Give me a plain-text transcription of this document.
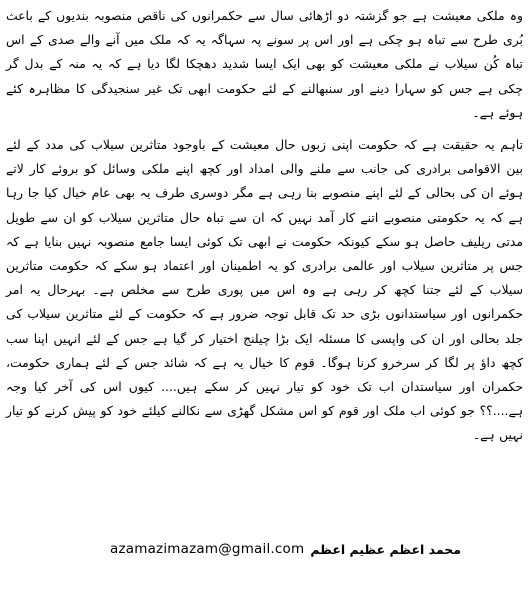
وہ ملکی معیشت ہے جو گزشتہ دو اڑھائی سال سے حکمرانوں کی ناقص منصوبہ بندیوں کے باعث بُری طرح سے تباہ ہو چکی ہے اور اس پر سونے پہ سہاگہ یہ کہ ملک میں آنے والے صدی کے اس تباہ کُن سیلاب نے ملکی معیشت کو بھی ایک ایسا شدید دھچکا لگا دیا ہے کہ یہ منہ کے بدل گر چکی ہے جس کو سہارا دینے اور سنبھالنے کے لئے حکومت ابھی تک غیر سنجیدگی کا مظاہرہ کئے ہوئے ہے۔

تاہم یہ حقیقت ہے کہ حکومت اپنی زبوں حال معیشت کے باوجود متاثرین سیلاب کی مدد کے لئے بین الاقوامی برادری کی جانب سے ملنے والی امداد اور کچھ اپنے ملکی وسائل کو بروئے کار لاتے ہوئے ان کی بحالی کے لئے اپنے منصوبے بنا رہی ہے مگر دوسری طرف یہ بھی عام خیال کیا جا رہا ہے کہ یہ حکومتی منصوبے اتنے کار آمد نہیں کہ ان سے تباہ حال متاثرین سیلاب کو ان سے طویل مدتی ریلیف حاصل ہو سکے کیونکہ حکومت نے ابھی تک کوئی ایسا جامع منصوبہ نہیں بنایا ہے کہ جس پر متاثرین سیلاب اور عالمی برادری کو یہ اطمینان اور اعتماد ہو سکے کہ حکومت متاثرین سیلاب کے لئے جتنا کچھ کر رہی ہے وہ اس میں پوری طرح سے مخلص ہے۔ بہرحال یہ امر حکمرانوں اور سیاستدانوں بڑی حد تک قابل توجہ ضرور ہے کہ حکومت کے لئے متاثرین سیلاب کی جلد بحالی اور ان کی واپسی کا مسئلہ ایک بڑا چیلنج اختیار کر گیا ہے جس کے لئے انہیں اپنا سب کچھ داؤ پر لگا کر سرخرو کرنا ہوگا۔ قوم کا خیال یہ ہے کہ شائد جس کے لئے ہماری حکومت، حکمران اور سیاستدان اب تک خود کو تیار نہیں کر سکے ہیں.... کیوں اس کی آخر کیا وجہ ہے....؟؟ جو کوئی اب ملک اور قوم کو اس مشکل گھڑی سے نکالنے کیلئے خود کو پیش کرنے کو تیار نہیں ہے۔

azamazimazam@gmail.com محمد اعظم عظیم اعظم
